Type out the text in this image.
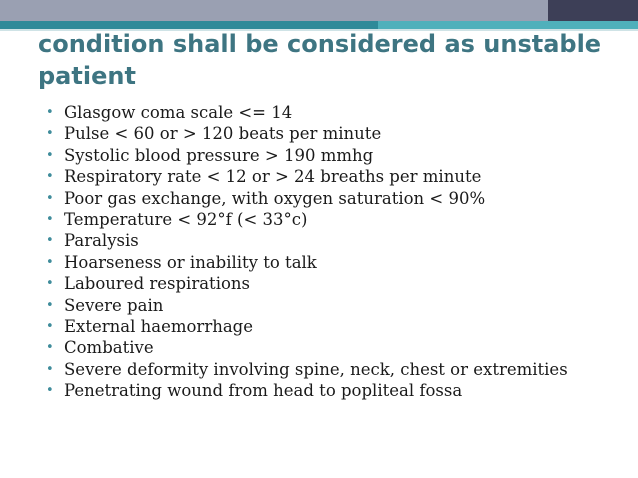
condition shall be considered as unstable patient
• Glasgow coma scale <= 14
• Pulse < 60 or > 120 beats per minute
• Systolic blood pressure > 190 mmhg
• Respiratory rate < 12 or > 24 breaths per minute
• Poor gas exchange, with oxygen saturation < 90%
• Temperature < 92°f (< 33°c)
• Paralysis
• Hoarseness or inability to talk
• Laboured respirations
• Severe pain
• External haemorrhage
• Combative
• Severe deformity involving spine, neck, chest or extremities
• Penetrating wound from head to popliteal fossa
